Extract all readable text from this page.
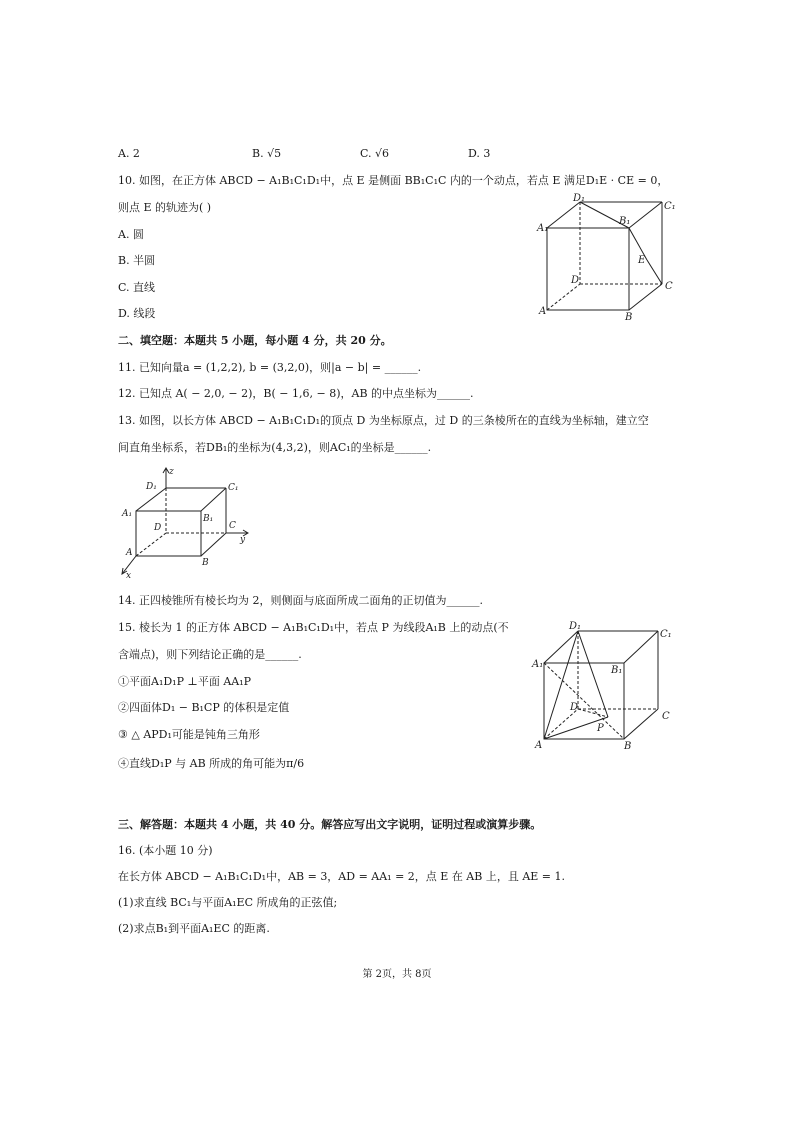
A. 2	B. √5	C. √6	D. 3
10. 如图，在正方体 ABCD − A₁B₁C₁D₁中，点 E 是侧面 BB₁C₁C 内的一个动点，若点 E 满足D₁E · CE = 0，
则点 E 的轨迹为( )
A. 圆
B. 半圆
C. 直线
D. 线段
D₁
B₁
C₁
A₁
E
D
C
A
B
二、填空题：本题共 5 小题，每小题 4 分，共 20 分。
11. 已知向量a = (1,2,2), b = (3,2,0)，则|a − b| = ______.
12. 已知点 A( − 2,0, − 2)，B( − 1,6, − 8)，AB 的中点坐标为______.
13. 如图，以长方体 ABCD − A₁B₁C₁D₁的顶点 D 为坐标原点，过 D 的三条棱所在的直线为坐标轴，建立空
间直角坐标系，若DB₁的坐标为(4,3,2)，则AC₁的坐标是______.
z
D₁	C₁
A₁	B₁
D	C
y
A
B
x
14. 正四棱锥所有棱长均为 2，则侧面与底面所成二面角的正切值为______.
15. 棱长为 1 的正方体 ABCD − A₁B₁C₁D₁中，若点 P 为线段A₁B 上的动点(不
含端点)，则下列结论正确的是______.
①平面A₁D₁P ⊥平面 AA₁P
②四面体D₁ − B₁CP 的体积是定值
③ △ APD₁可能是钝角三角形
④直线D₁P 与 AB 所成的角可能为π/6
D₁
C₁
A₁
B₁
D
C
P
A	B
三、解答题：本题共 4 小题，共 40 分。解答应写出文字说明，证明过程或演算步骤。
16. (本小题 10 分)
在长方体 ABCD − A₁B₁C₁D₁中，AB = 3，AD = AA₁ = 2，点 E 在 AB 上，且 AE = 1.
(1)求直线 BC₁与平面A₁EC 所成角的正弦值;
(2)求点B₁到平面A₁EC 的距离.
第 2页，共 8页
